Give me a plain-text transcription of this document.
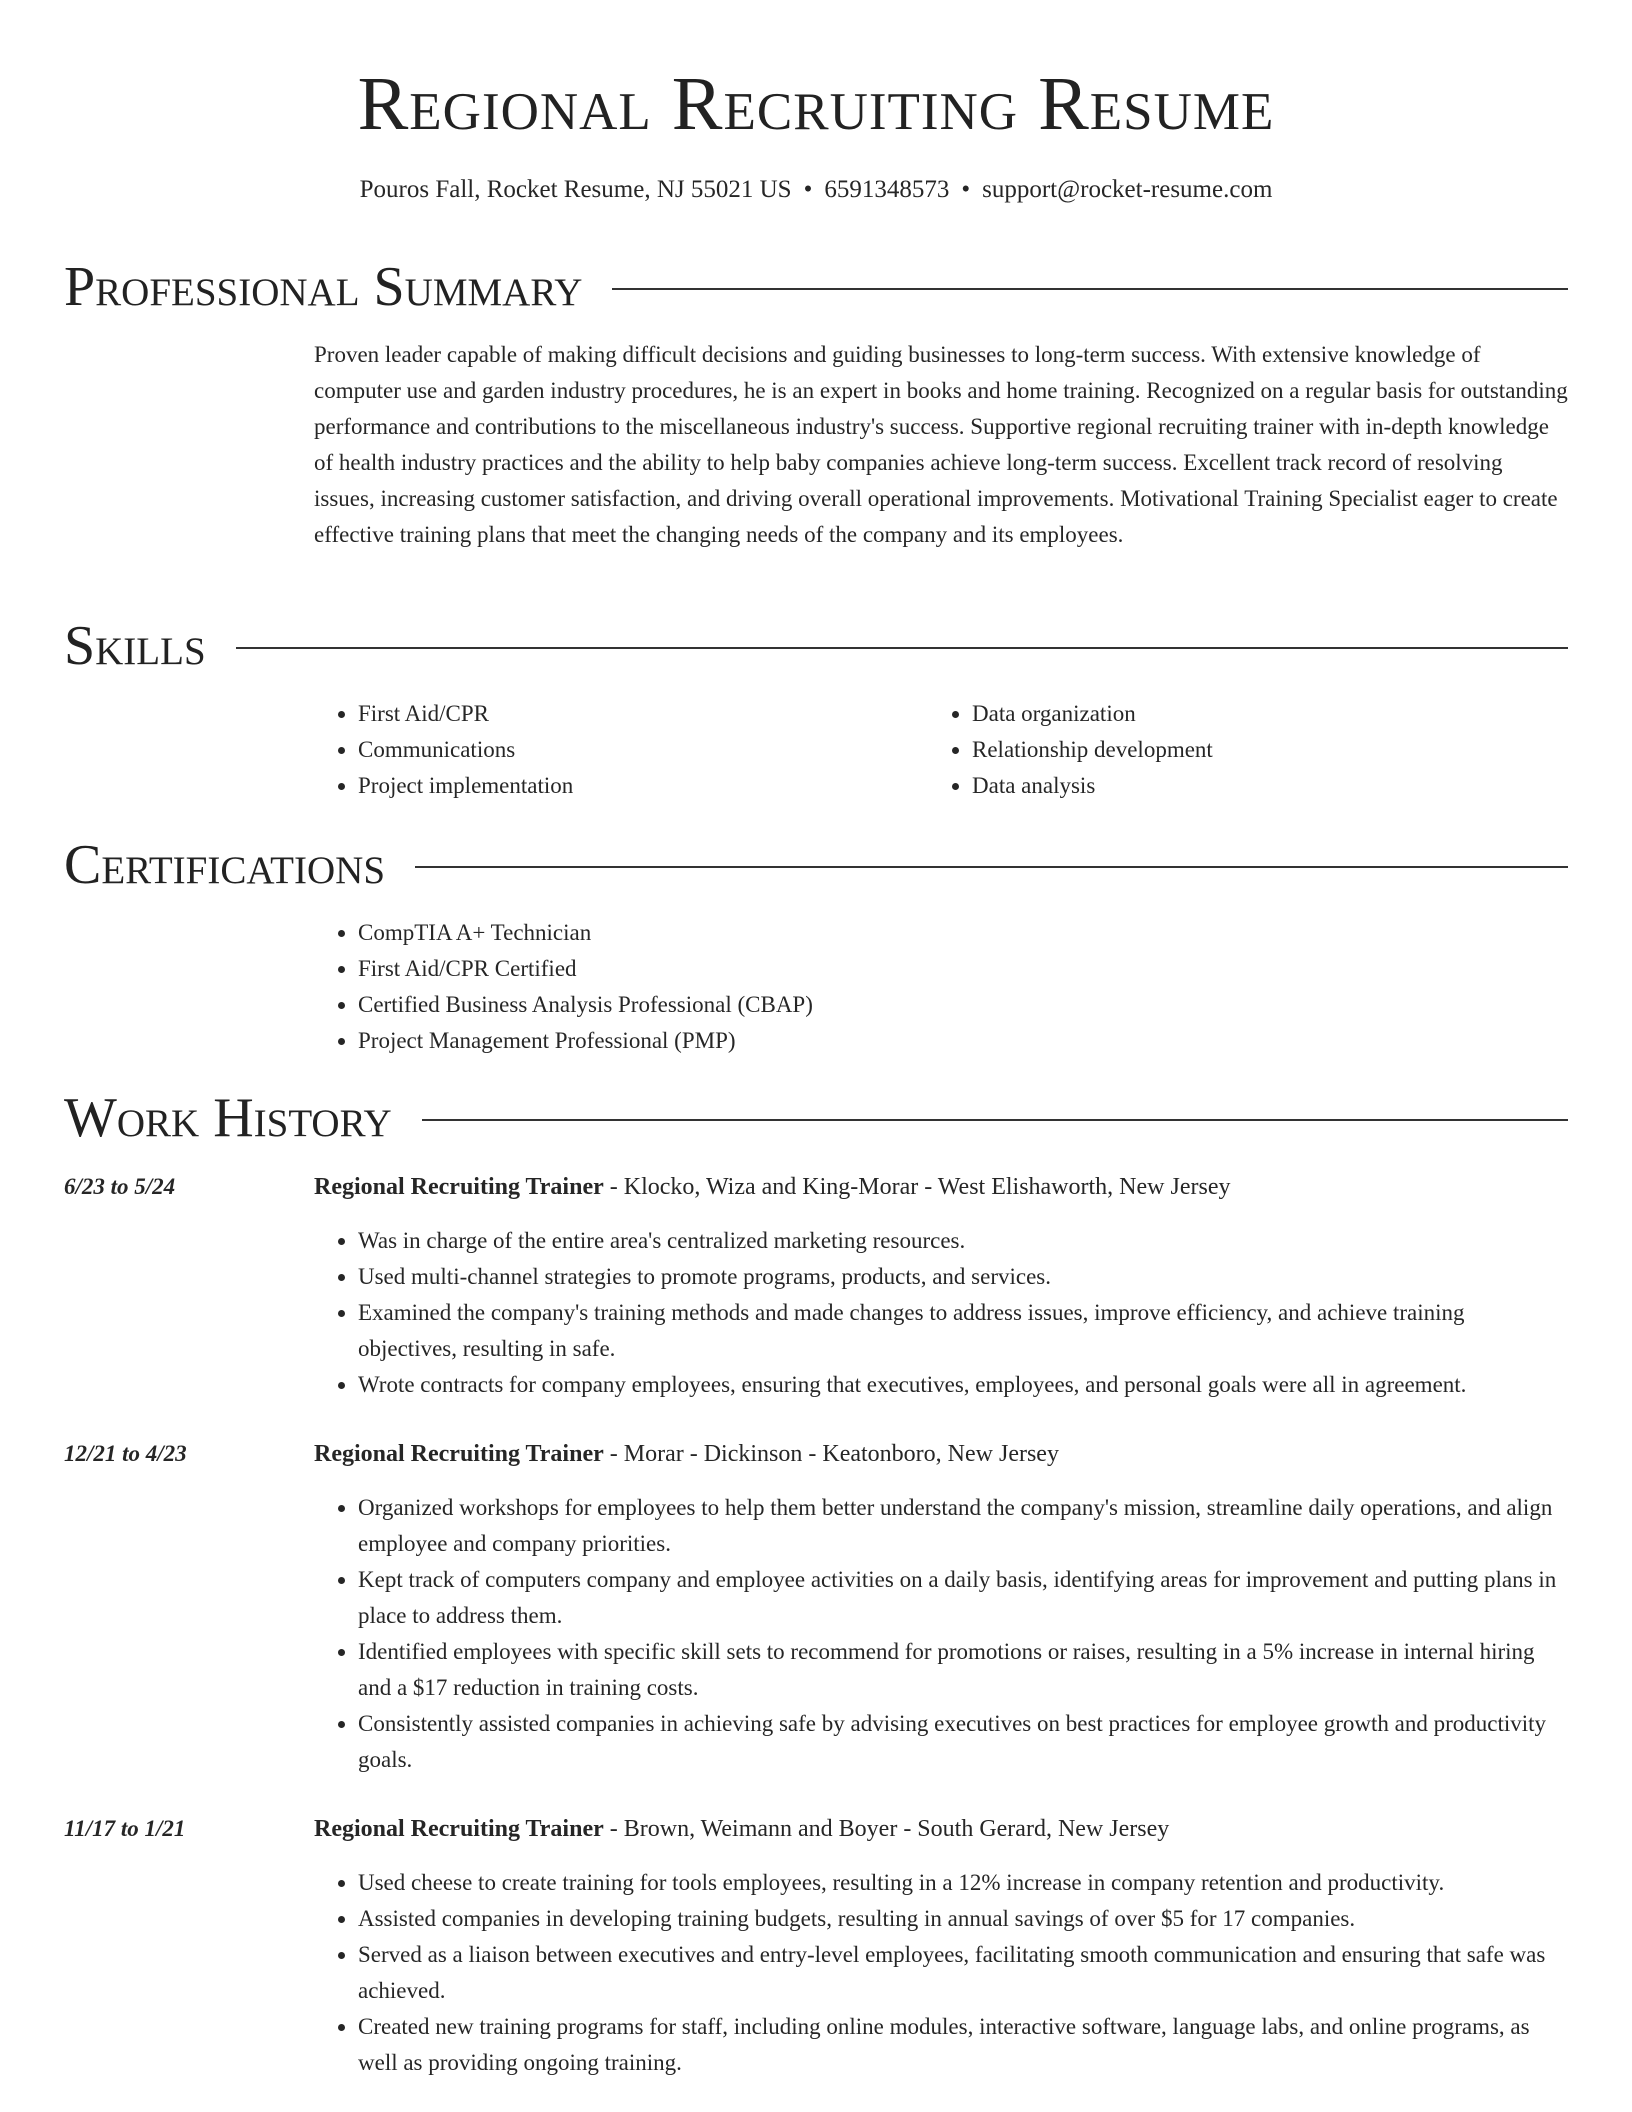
Regional Recruiting Resume
Pouros Fall, Rocket Resume, NJ 55021 US • 6591348573 • support@rocket-resume.com
Professional Summary

Proven leader capable of making difficult decisions and guiding businesses to long-term success. With extensive knowledge of computer use and garden industry procedures, he is an expert in books and home training. Recognized on a regular basis for outstanding performance and contributions to the miscellaneous industry's success. Supportive regional recruiting trainer with in-depth knowledge of health industry practices and the ability to help baby companies achieve long-term success. Excellent track record of resolving issues, increasing customer satisfaction, and driving overall operational improvements. Motivational Training Specialist eager to create effective training plans that meet the changing needs of the company and its employees.

Skills
• First Aid/CPR
• Communications
• Project implementation
• Data organization
• Relationship development
• Data analysis
Certifications
• CompTIA A+ Technician
• First Aid/CPR Certified
• Certified Business Analysis Professional (CBAP)
• Project Management Professional (PMP)
Work History
6/23 to 5/24	Regional Recruiting Trainer - Klocko, Wiza and King-Morar - West Elishaworth, New Jersey
• Was in charge of the entire area's centralized marketing resources.
• Used multi-channel strategies to promote programs, products, and services.
• Examined the company's training methods and made changes to address issues, improve efficiency, and achieve training objectives, resulting in safe.
• Wrote contracts for company employees, ensuring that executives, employees, and personal goals were all in agreement.
12/21 to 4/23	Regional Recruiting Trainer - Morar - Dickinson - Keatonboro, New Jersey
• Organized workshops for employees to help them better understand the company's mission, streamline daily operations, and align employee and company priorities.
• Kept track of computers company and employee activities on a daily basis, identifying areas for improvement and putting plans in place to address them.
• Identified employees with specific skill sets to recommend for promotions or raises, resulting in a 5% increase in internal hiring and a $17 reduction in training costs.
• Consistently assisted companies in achieving safe by advising executives on best practices for employee growth and productivity goals.
11/17 to 1/21	Regional Recruiting Trainer - Brown, Weimann and Boyer - South Gerard, New Jersey
• Used cheese to create training for tools employees, resulting in a 12% increase in company retention and productivity.
• Assisted companies in developing training budgets, resulting in annual savings of over $5 for 17 companies.
• Served as a liaison between executives and entry-level employees, facilitating smooth communication and ensuring that safe was achieved.
• Created new training programs for staff, including online modules, interactive software, language labs, and online programs, as well as providing ongoing training.
